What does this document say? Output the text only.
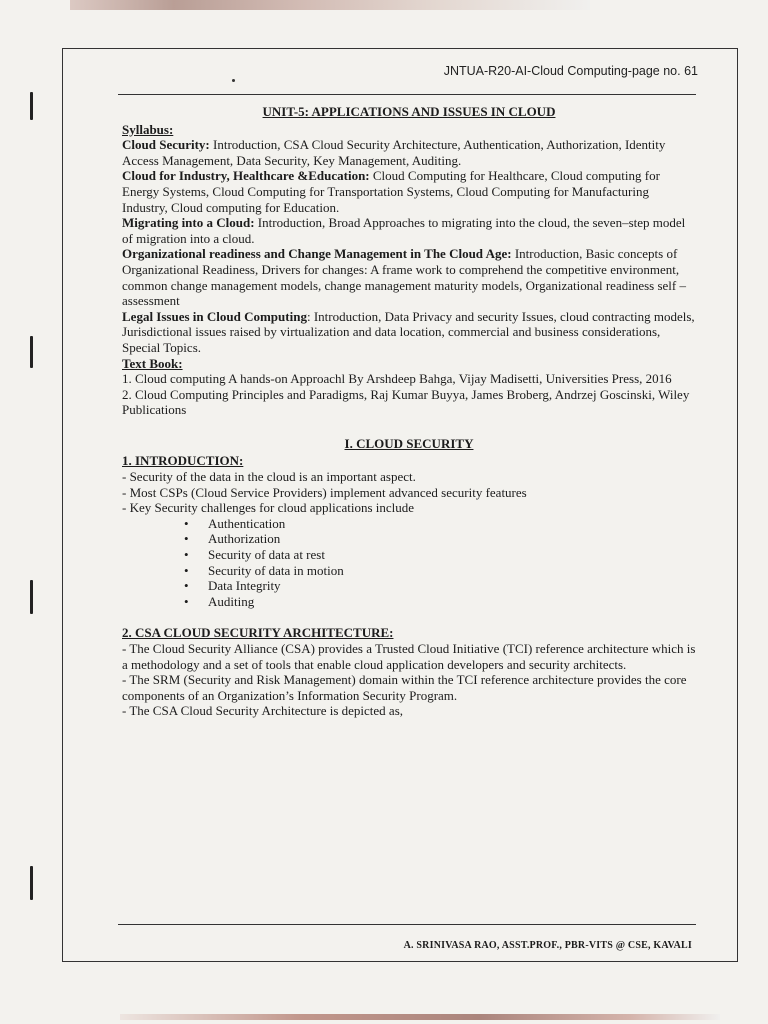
JNTUA-R20-AI-Cloud Computing-page no. 61
UNIT-5: APPLICATIONS AND ISSUES IN CLOUD
Syllabus:

Cloud Security: Introduction, CSA Cloud Security Architecture, Authentication, Authorization, Identity Access Management, Data Security, Key Management, Auditing.

Cloud for Industry, Healthcare &Education: Cloud Computing for Healthcare, Cloud computing for Energy Systems, Cloud Computing for Transportation Systems, Cloud Computing for Manufacturing Industry, Cloud computing for Education.

Migrating into a Cloud: Introduction, Broad Approaches to migrating into the cloud, the seven–step model of migration into a cloud.

Organizational readiness and Change Management in The Cloud Age: Introduction, Basic concepts of Organizational Readiness, Drivers for changes: A frame work to comprehend the competitive environment, common change management models, change management maturity models, Organizational readiness self – assessment

Legal Issues in Cloud Computing: Introduction, Data Privacy and security Issues, cloud contracting models, Jurisdictional issues raised by virtualization and data location, commercial and business considerations, Special Topics.

Text Book:

1. Cloud computing A hands-on Approachl By Arshdeep Bahga, Vijay Madisetti, Universities Press, 2016

2. Cloud Computing Principles and Paradigms, Raj Kumar Buyya, James Broberg, Andrzej Goscinski, Wiley Publications

I. CLOUD SECURITY

1. INTRODUCTION:

- Security of the data in the cloud is an important aspect.

- Most CSPs (Cloud Service Providers) implement advanced security features

- Key Security challenges for cloud applications include

• Authentication
• Authorization
• Security of data at rest
• Security of data in motion
• Data Integrity
• Auditing

2. CSA CLOUD SECURITY ARCHITECTURE:

- The Cloud Security Alliance (CSA) provides a Trusted Cloud Initiative (TCI) reference architecture which is a methodology and a set of tools that enable cloud application developers and security architects.

- The SRM (Security and Risk Management) domain within the TCI reference architecture provides the core components of an Organization’s Information Security Program.

- The CSA Cloud Security Architecture is depicted as,

A. SRINIVASA RAO, ASST.PROF., PBR-VITS @ CSE, KAVALI
